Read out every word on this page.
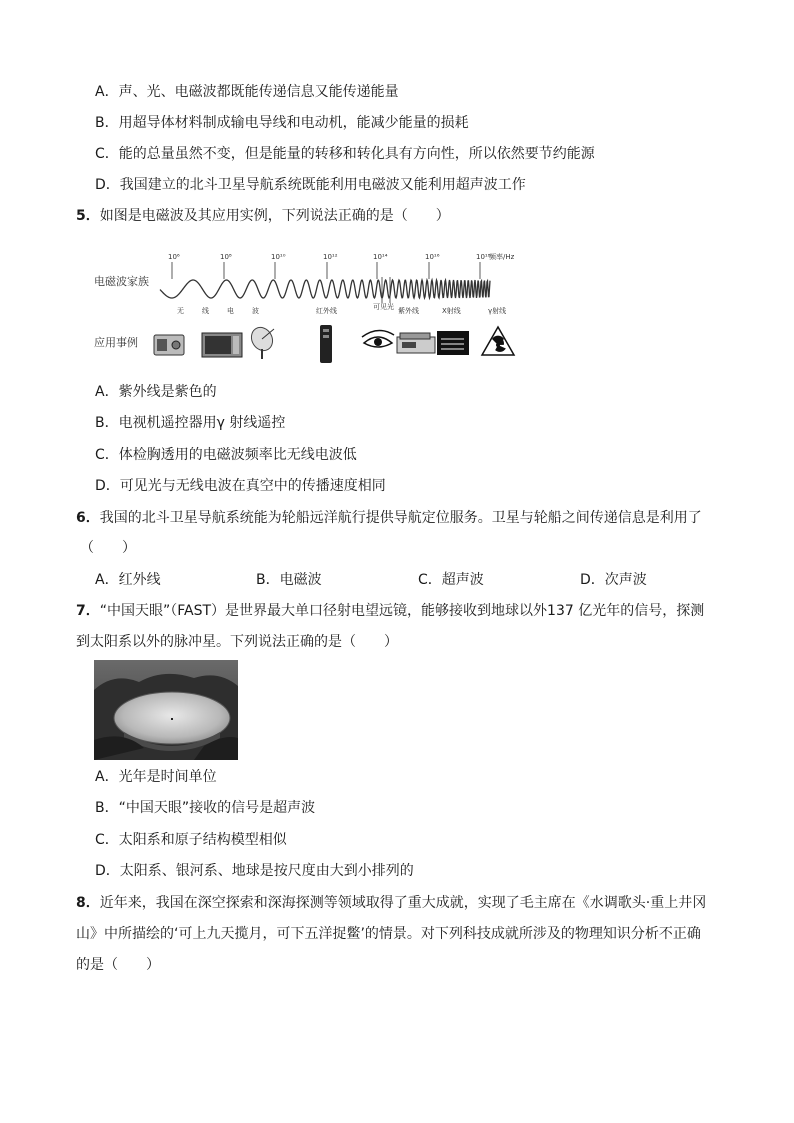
A．声、光、电磁波都既能传递信息又能传递能量
B．用超导体材料制成输电导线和电动机，能减少能量的损耗
C．能的总量虽然不变，但是能量的转移和转化具有方向性，所以依然要节约能源
D．我国建立的北斗卫星导航系统既能利用电磁波又能利用超声波工作
5．如图是电磁波及其应用实例，下列说法正确的是（　　）
电磁波家族
频率/Hz
10⁶	10⁸	10¹⁰	10¹²	10¹⁴	10¹⁶	10¹⁸
无	线	电	波	红外线	可见光 紫外线	X射线	γ射线
应用事例
A．紫外线是紫色的
B．电视机遥控器用γ 射线遥控
C．体检胸透用的电磁波频率比无线电波低
D．可见光与无线电波在真空中的传播速度相同
6．我国的北斗卫星导航系统能为轮船远洋航行提供导航定位服务。卫星与轮船之间传递信息是利用了
（　　）
A．红外线	B．电磁波	C．超声波	D．次声波
7．“中国天眼”（FAST）是世界最大单口径射电望远镜，能够接收到地球以外137 亿光年的信号，探测
到太阳系以外的脉冲星。下列说法正确的是（　　）
A．光年是时间单位
B．“中国天眼”接收的信号是超声波
C．太阳系和原子结构模型相似
D．太阳系、银河系、地球是按尺度由大到小排列的
8．近年来，我国在深空探索和深海探测等领域取得了重大成就，实现了毛主席在《水调歌头·重上井冈
山》中所描绘的‘可上九天揽月，可下五洋捉鳖’的情景。对下列科技成就所涉及的物理知识分析不正确
的是（　　）
